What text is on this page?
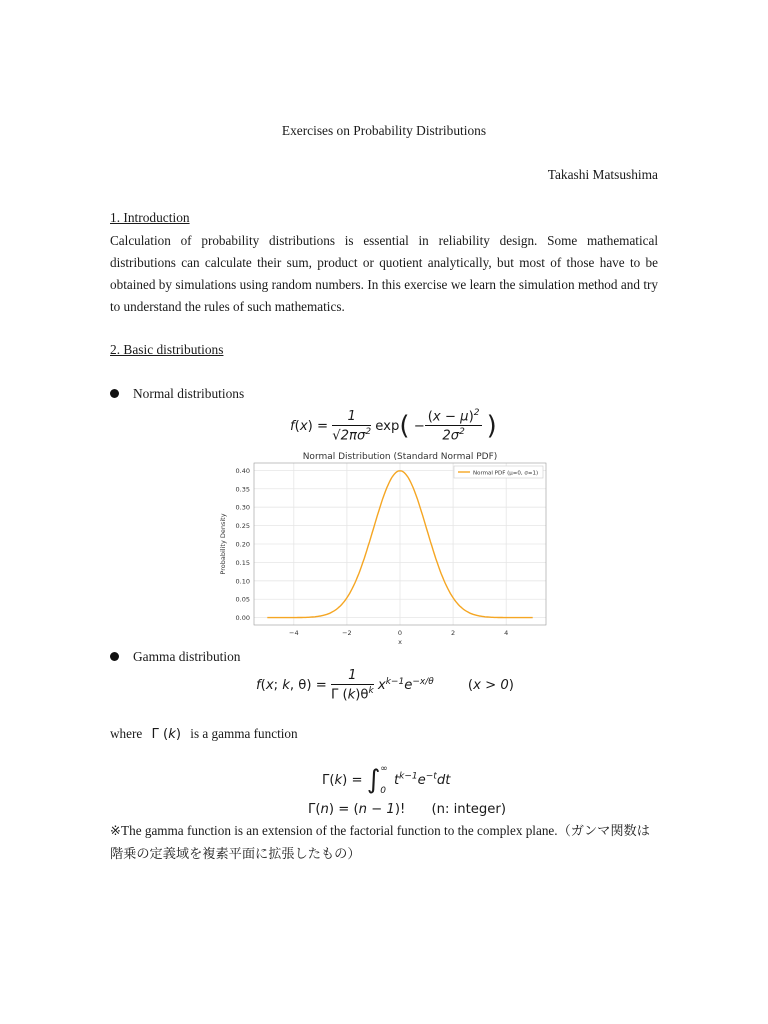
Exercises on Probability Distributions
Takashi Matsushima
1. Introduction
Calculation of probability distributions is essential in reliability design. Some mathematical distributions can calculate their sum, product or quotient analytically, but most of those have to be obtained by simulations using random numbers. In this exercise we learn the simulation method and try to understand the rules of such mathematics.
2. Basic distributions
Normal distributions
$f(x) = \frac{1}{√2\pi\sigma^2} \exp( - \frac{(x - \mu)^2}{2\sigma^2}$ )
Normal Distribution (Standard Normal PDF)
0.00
0.05
0.10
0.15
0.20
0.25
0.30
0.35
0.40
−4	−2	0	2	4
x
Probability Density
Normal PDF (μ=0, σ=1)
Gamma distribution
f(x; k, $\theta) = \frac{1}{\Gamma (k)\theta^k} x^{k-1}e^{-x/\theta}$	(x > 0)
where Γ (k) is a gamma function
Γ(k) = ∫ ∞
0
$t^{k-1}e^{-t}dt$
Γ(n) = (n − 1)! (n: integer)
※The gamma function is an extension of the factorial function to the complex plane.（ガンマ関数は階乗の定義域を複素平面に拡張したもの）
